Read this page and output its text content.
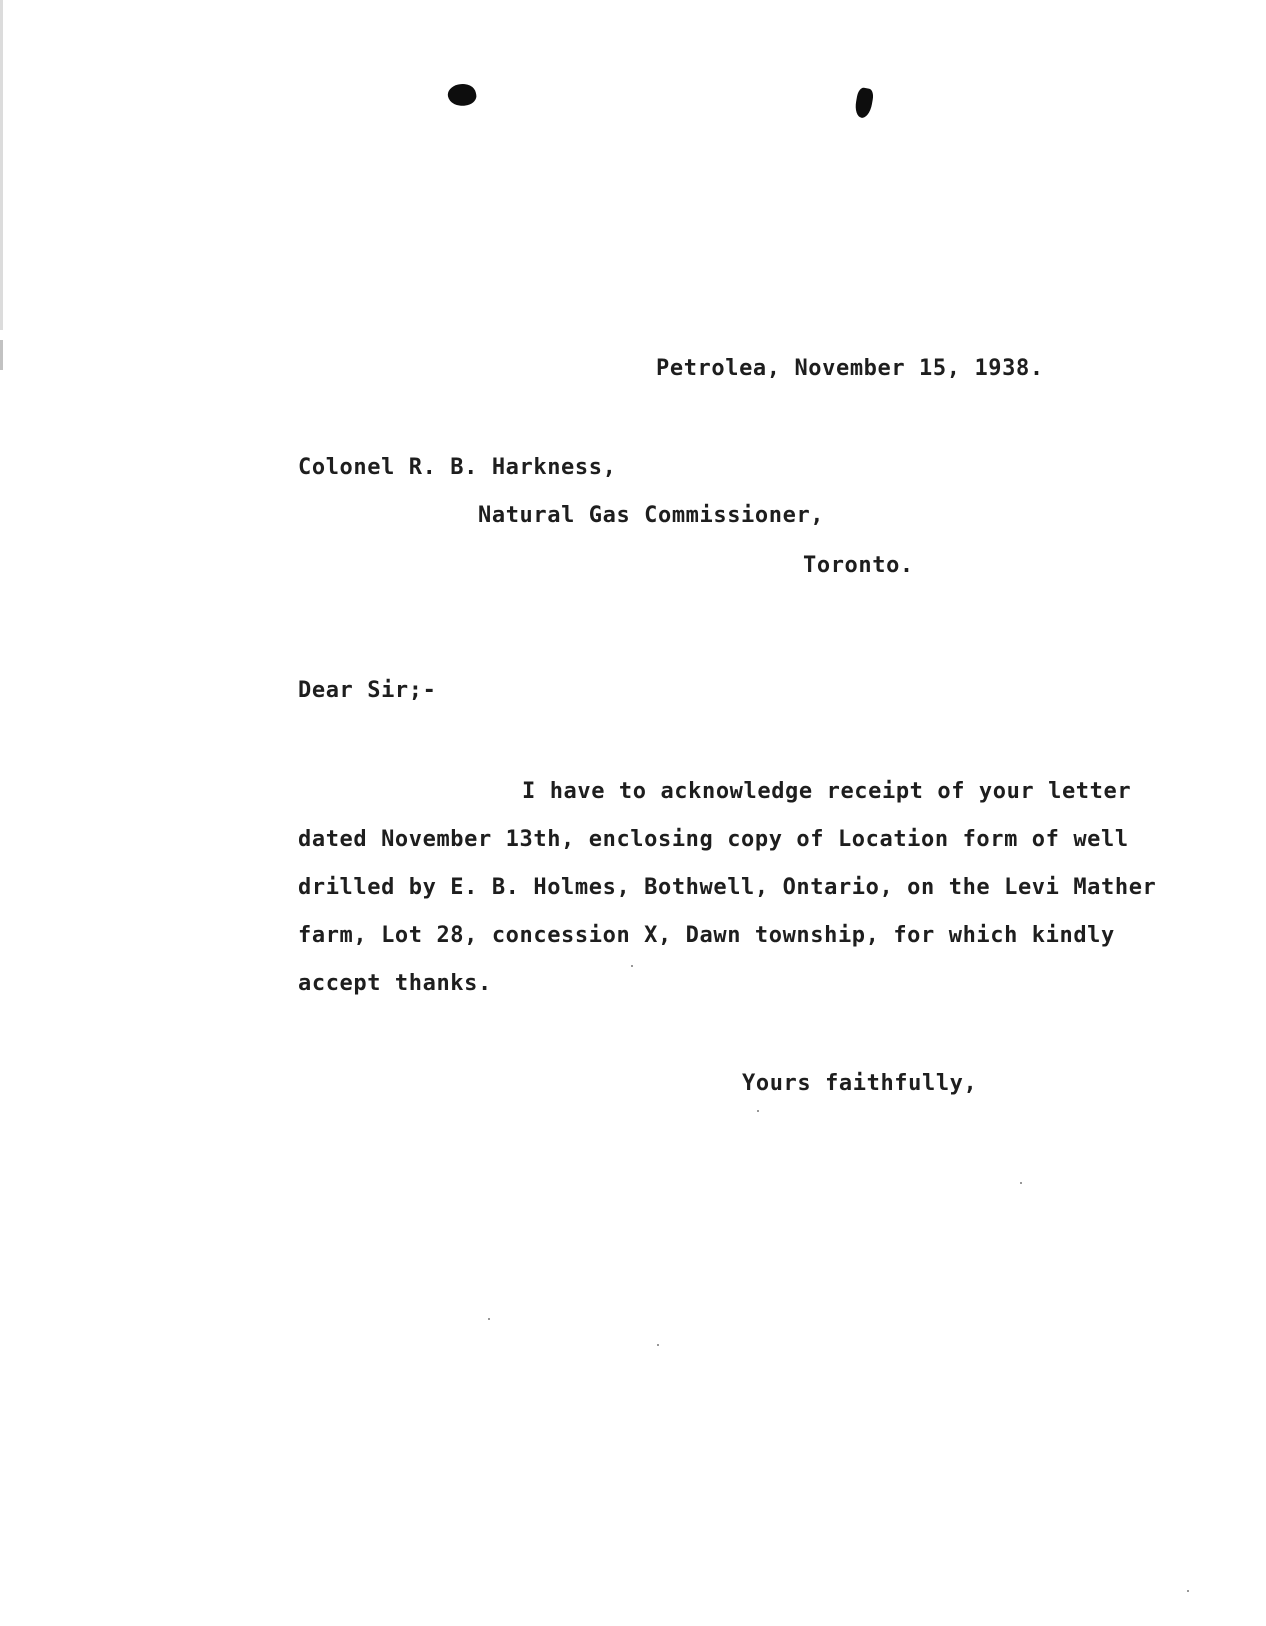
Petrolea, November 15, 1938.
Colonel R. B. Harkness,
Natural Gas Commissioner,
Toronto.
Dear Sir;-
I have to acknowledge receipt of your letter
dated November 13th, enclosing copy of Location form of well
drilled by E. B. Holmes, Bothwell, Ontario, on the Levi Mather
farm, Lot 28, concession X, Dawn township, for which kindly
accept thanks.
Yours faithfully,
